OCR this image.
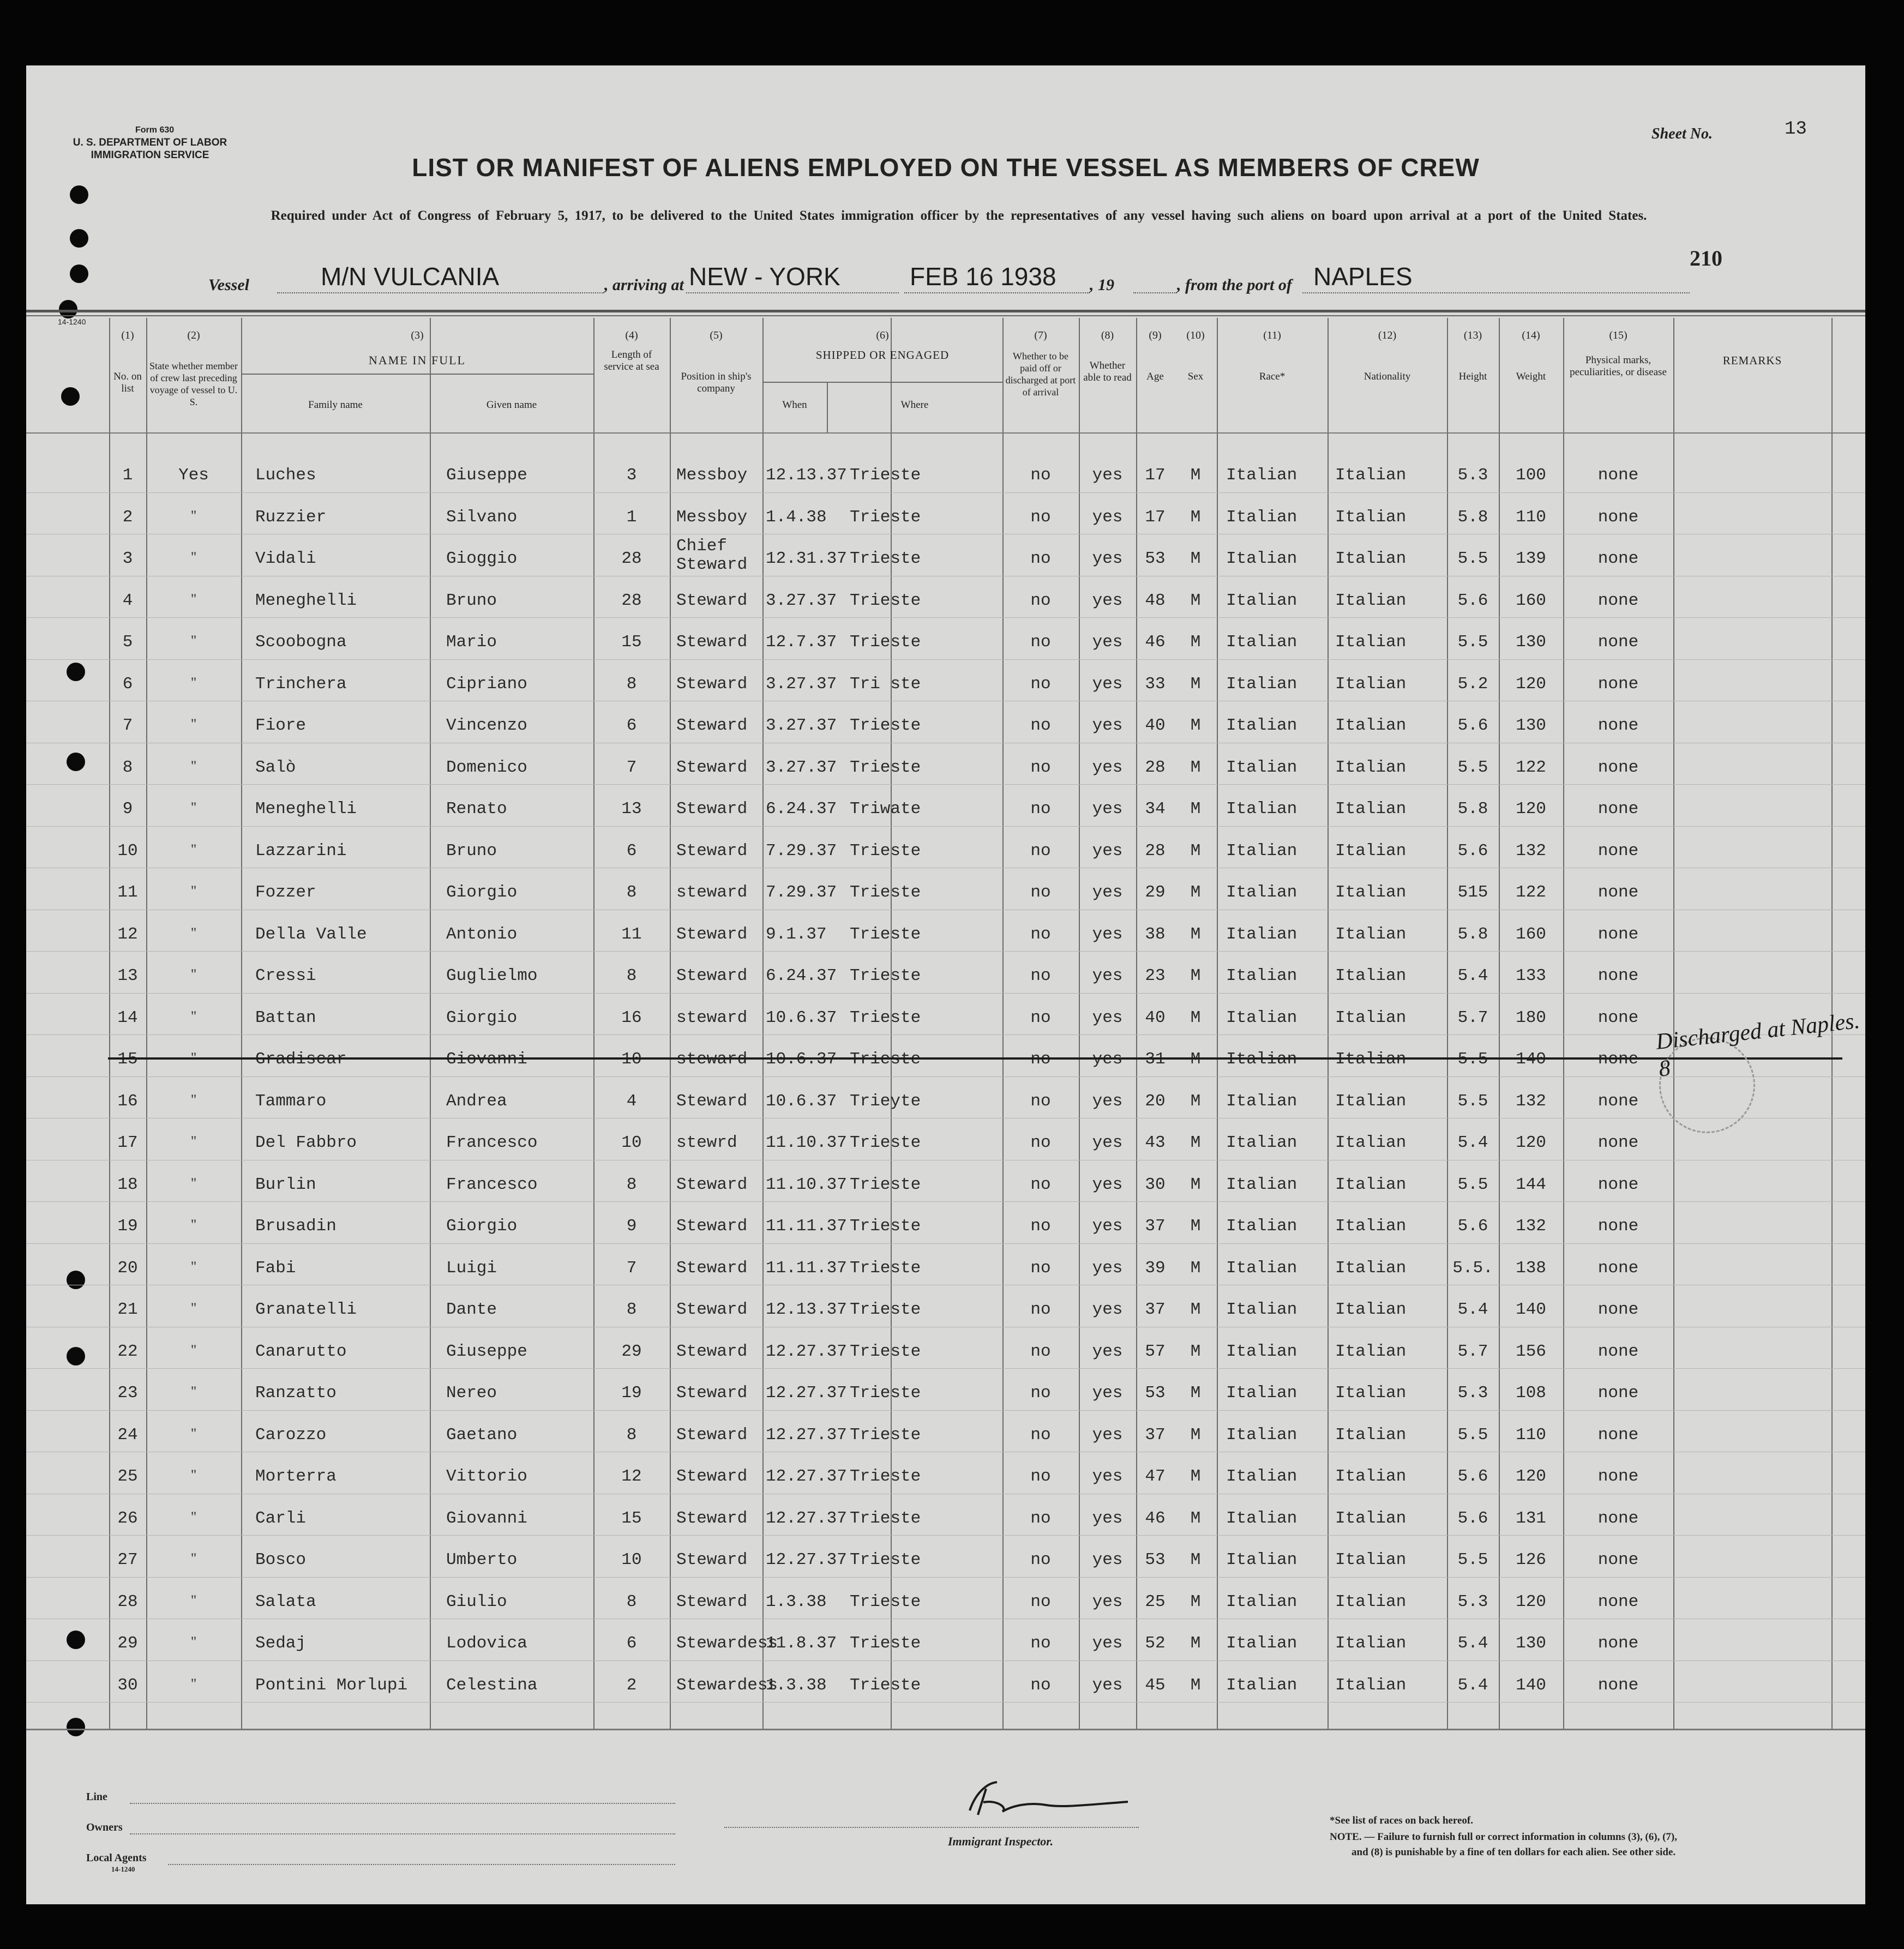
Form 630
U. S. DEPARTMENT OF LABOR
IMMIGRATION SERVICE
Sheet No.	13
LIST OR MANIFEST OF ALIENS EMPLOYED ON THE VESSEL AS MEMBERS OF CREW
Required under Act of Congress of February 5, 1917, to be delivered to the United States immigration officer by the representatives of any vessel having such aliens on board upon arrival at a port of the United States.
210
Vessel	M/N VULCANIA	, arriving at NEW - YORK	FEB 16 1938 , 19	, from the port of NAPLES
14-1240
(1)	(2)	(3)	(4)	(5)	(6)	(7)	(8)	(9)	(10)	(11)	(12)	(13)	(14)	(15)
No. on list
State whether member of crew last preceding voyage of vessel to U. S.
NAME IN FULL
Family name	Given name
Length of service at sea
Position in ship's company
SHIPPED OR ENGAGED
When	Where
Whether to be paid off or discharged at port of arrival
Whether able to read	Age	Sex	Race*	Nationality	Height	Weight
Physical marks, peculiarities, or disease
REMARKS
1	Yes	Luches	Giuseppe	3	Messboy 12.13.37 Trieste	no	yes	17	M	Italian Italian	5.3	100	none
2	"	Ruzzier	Silvano	1	Messboy 1.4.38 Trieste	no	yes	17	M	Italian Italian	5.8	110	none
3	"	Vidali	Gioggio	28
Chief Steward	12.31.37 Trieste	no	yes	53	M	Italian Italian	5.5	139	none
4	"	Meneghelli	Bruno	28	Steward 3.27.37 Trieste	no	yes	48	M	Italian Italian	5.6	160	none
5	"	Scoobogna	Mario	15	Steward 12.7.37 Trieste	no	yes	46	M	Italian Italian	5.5	130	none
6	"	Trinchera	Cipriano	8	Steward 3.27.37 Tri ste	no	yes	33	M	Italian Italian	5.2	120	none
7	"	Fiore	Vincenzo	6	Steward 3.27.37 Trieste	no	yes	40	M	Italian Italian	5.6	130	none
8	"	Salò	Domenico	7	Steward 3.27.37 Trieste	no	yes	28	M	Italian Italian	5.5	122	none
9	"	Meneghelli	Renato	13	Steward 6.24.37 Triwate	no	yes	34	M	Italian Italian	5.8	120	none
10	"	Lazzarini	Bruno	6	Steward 7.29.37 Trieste	no	yes	28	M	Italian Italian	5.6	132	none
11	"	Fozzer	Giorgio	8	steward 7.29.37 Trieste	no	yes	29	M	Italian Italian	515	122	none
12	"	Della Valle	Antonio	11	Steward 9.1.37 Trieste	no	yes	38	M	Italian Italian	5.8	160	none
13	"	Cressi	Guglielmo	8	Steward 6.24.37 Trieste	no	yes	23	M	Italian Italian	5.4	133	none
14	"	Battan	Giorgio	16	steward 10.6.37 Trieste	no	yes	40	M	Italian Italian	5.7	180	none
15	"	Gradiscar	Giovanni	10	steward 10.6.37 Trieste	no	yes	31	M	Italian Italian	5.5	140	none
16	"	Tammaro	Andrea	4	Steward 10.6.37 Trieyte	no	yes	20	M	Italian Italian	5.5	132	none
17	"	Del Fabbro	Francesco	10	stewrd 11.10.37 Trieste	no	yes	43	M	Italian Italian	5.4	120	none
18	"	Burlin	Francesco	8	Steward 11.10.37 Trieste	no	yes	30	M	Italian Italian	5.5	144	none
19	"	Brusadin	Giorgio	9	Steward 11.11.37 Trieste	no	yes	37	M	Italian Italian	5.6	132	none
20	"	Fabi	Luigi	7	Steward 11.11.37 Trieste	no	yes	39	M	Italian Italian	5.5.	138	none
21	"	Granatelli	Dante	8	Steward 12.13.37 Trieste	no	yes	37	M	Italian Italian	5.4	140	none
22	"	Canarutto	Giuseppe	29	Steward 12.27.37 Trieste	no	yes	57	M	Italian Italian	5.7	156	none
23	"	Ranzatto	Nereo	19	Steward 12.27.37 Trieste	no	yes	53	M	Italian Italian	5.3	108	none
24	"	Carozzo	Gaetano	8	Steward 12.27.37 Trieste	no	yes	37	M	Italian Italian	5.5	110	none
25	"	Morterra	Vittorio	12	Steward 12.27.37 Trieste	no	yes	47	M	Italian Italian	5.6	120	none
26	"	Carli	Giovanni	15	Steward 12.27.37 Trieste	no	yes	46	M	Italian Italian	5.6	131	none
27	"	Bosco	Umberto	10	Steward 12.27.37 Trieste	no	yes	53	M	Italian Italian	5.5	126	none
28	"	Salata	Giulio	8	Steward 1.3.38 Trieste	no	yes	25	M	Italian Italian	5.3	120	none
29	"	Sedaj	Lodovica	6	Stewardess
11.8.37 Trieste	no	yes	52	M	Italian Italian	5.4	130	none
30	"	Pontini Morlupi Celestina	2	Stewardess
1.3.38 Trieste	no	yes	45	M	Italian Italian	5.4	140	none
Discharged at Naples. 8
Line
Owners
Local Agents
14-1240
Immigrant Inspector.
*See list of races on back hereof.
NOTE. — Failure to furnish full or correct information in columns (3), (6), (7),
and (8) is punishable by a fine of ten dollars for each alien. See other side.
